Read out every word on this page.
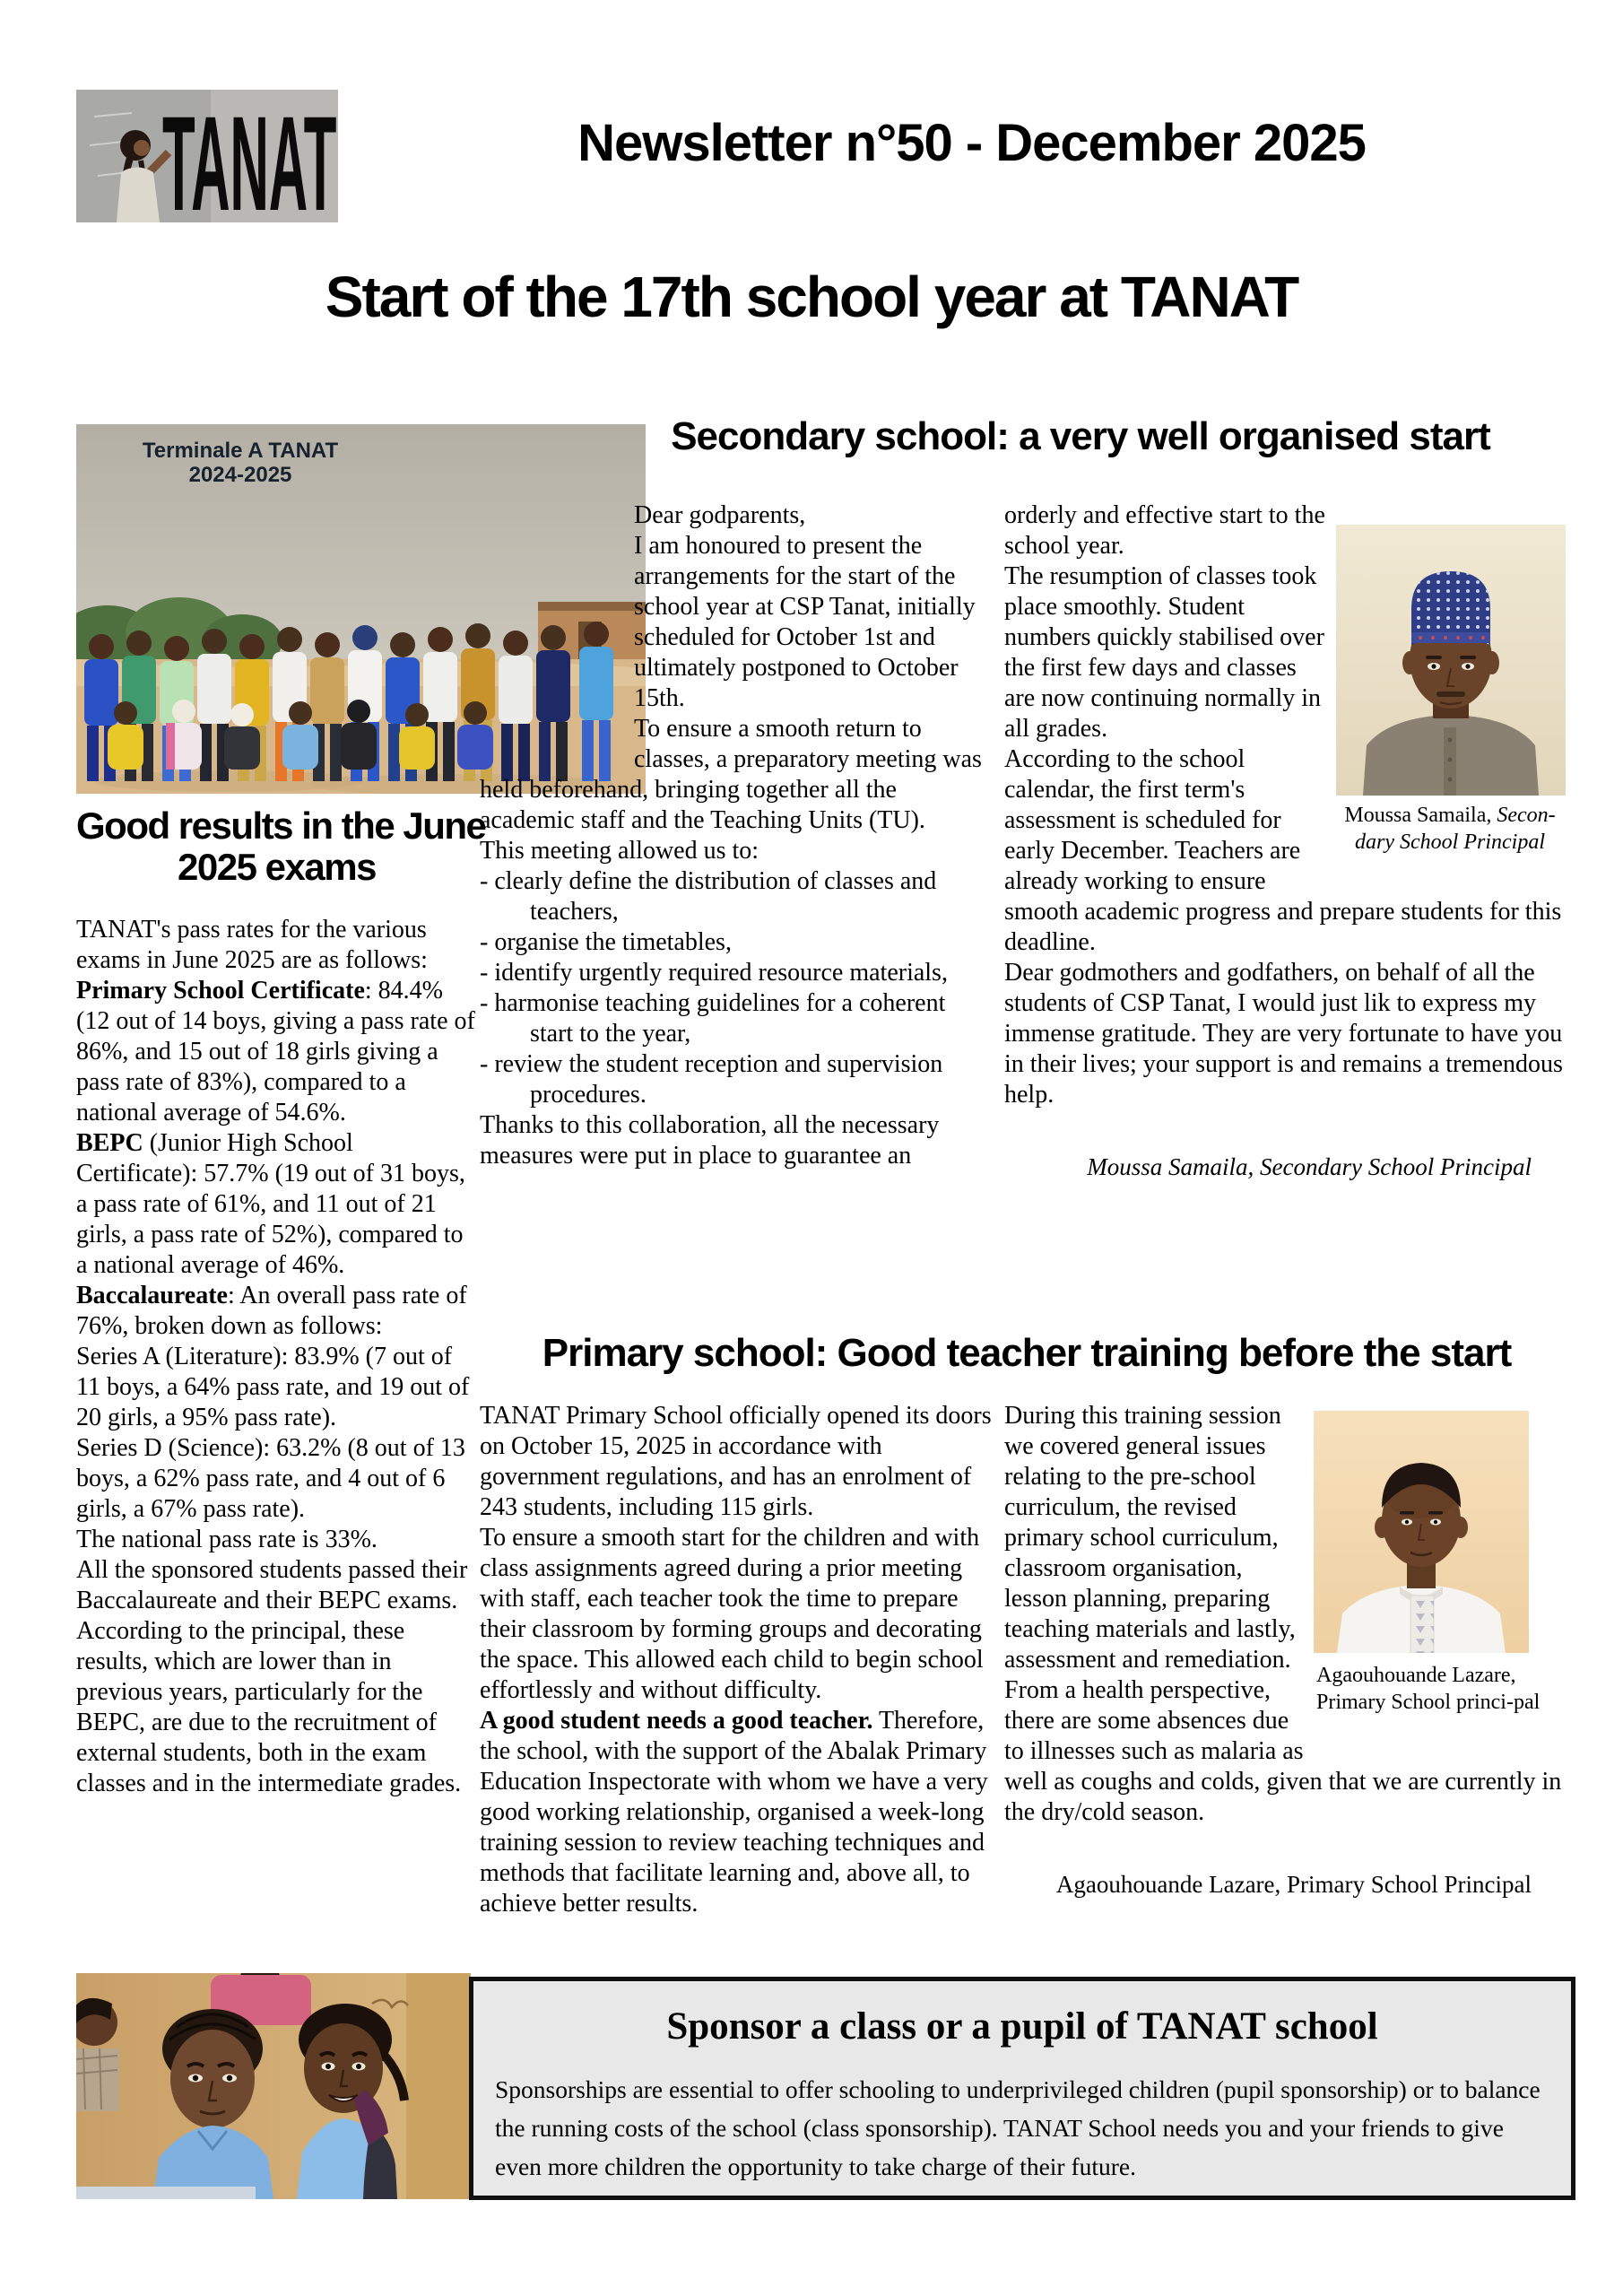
TANAT	Newsletter n°50 - December 2025
Start of the 17th school year at TANAT
Terminale A TANAT
2024-2025
Secondary school: a very well organised start

Dear godparents,

I am honoured to present the arrangements for the start of the school year at CSP Tanat, initially scheduled for October 1st and ultimately postponed to October 15th.

To ensure a smooth return to classes, a preparatory meeting was held beforehand, bringing together all the academic staff and the Teaching Units (TU).

This meeting allowed us to:

- clearly define the distribution of classes and teachers,

- organise the timetables,

- identify urgently required resource materials,

- harmonise teaching guidelines for a coherent start to the year,

- review the student reception and supervision procedures.

Thanks to this collaboration, all the necessary measures were put in place to guarantee an

orderly and effective start to the school year.

The resumption of classes took place smoothly. Student numbers quickly stabilised over the first few days and classes are now continuing normally in all grades.

According to the school calendar, the first term's assessment is scheduled for early December. Teachers are already working to ensure smooth academic progress and prepare students for this deadline.

Dear godmothers and godfathers, on behalf of all the students of CSP Tanat, I would just lik to express my immense gratitude. They are very fortunate to have you in their lives; your support is and remains a tremendous help.

Moussa Samaila, Secondary School Principal
Moussa Samaila, Secon-dary School Principal
Good results in the June
2025 exams

TANAT's pass rates for the various exams in June 2025 are as follows:

Primary School Certificate: 84.4% (12 out of 14 boys, giving a pass rate of 86%, and 15 out of 18 girls giving a pass rate of 83%), compared to a national average of 54.6%.

BEPC (Junior High School Certificate): 57.7% (19 out of 31 boys, a pass rate of 61%, and 11 out of 21 girls, a pass rate of 52%), compared to a national average of 46%.

Baccalaureate: An overall pass rate of 76%, broken down as follows:

Series A (Literature): 83.9% (7 out of 11 boys, a 64% pass rate, and 19 out of 20 girls, a 95% pass rate).

Series D (Science): 63.2% (8 out of 13 boys, a 62% pass rate, and 4 out of 6 girls, a 67% pass rate).

The national pass rate is 33%.

All the sponsored students passed their Baccalaureate and their BEPC exams.

According to the principal, these results, which are lower than in previous years, particularly for the BEPC, are due to the recruitment of external students, both in the exam classes and in the intermediate grades.

Primary school: Good teacher training before the start

TANAT Primary School officially opened its doors on October 15, 2025 in accordance with government regulations, and has an enrolment of 243 students, including 115 girls.

To ensure a smooth start for the children and with class assignments agreed during a prior meeting with staff, each teacher took the time to prepare their classroom by forming groups and decorating the space. This allowed each child to begin school effortlessly and without difficulty.

A good student needs a good teacher. Therefore, the school, with the support of the Abalak Primary Education Inspectorate with whom we have a very good working relationship, organised a week-long training session to review teaching techniques and methods that facilitate learning and, above all, to achieve better results.

During this training session we covered general issues relating to the pre-school curriculum, the revised primary school curriculum, classroom organisation, lesson planning, preparing teaching materials and lastly, assessment and remediation.

From a health perspective, there are some absences due to illnesses such as malaria as well as coughs and colds, given that we are currently in the dry/cold season.

Agaouhouande Lazare, Primary School Principal
Agaouhouande Lazare, Primary School princi-pal
Sponsor a class or a pupil of TANAT school

Sponsorships are essential to offer schooling to underprivileged children (pupil sponsorship) or to balance the running costs of the school (class sponsorship). TANAT School needs you and your friends to give even more children the opportunity to take charge of their future.
